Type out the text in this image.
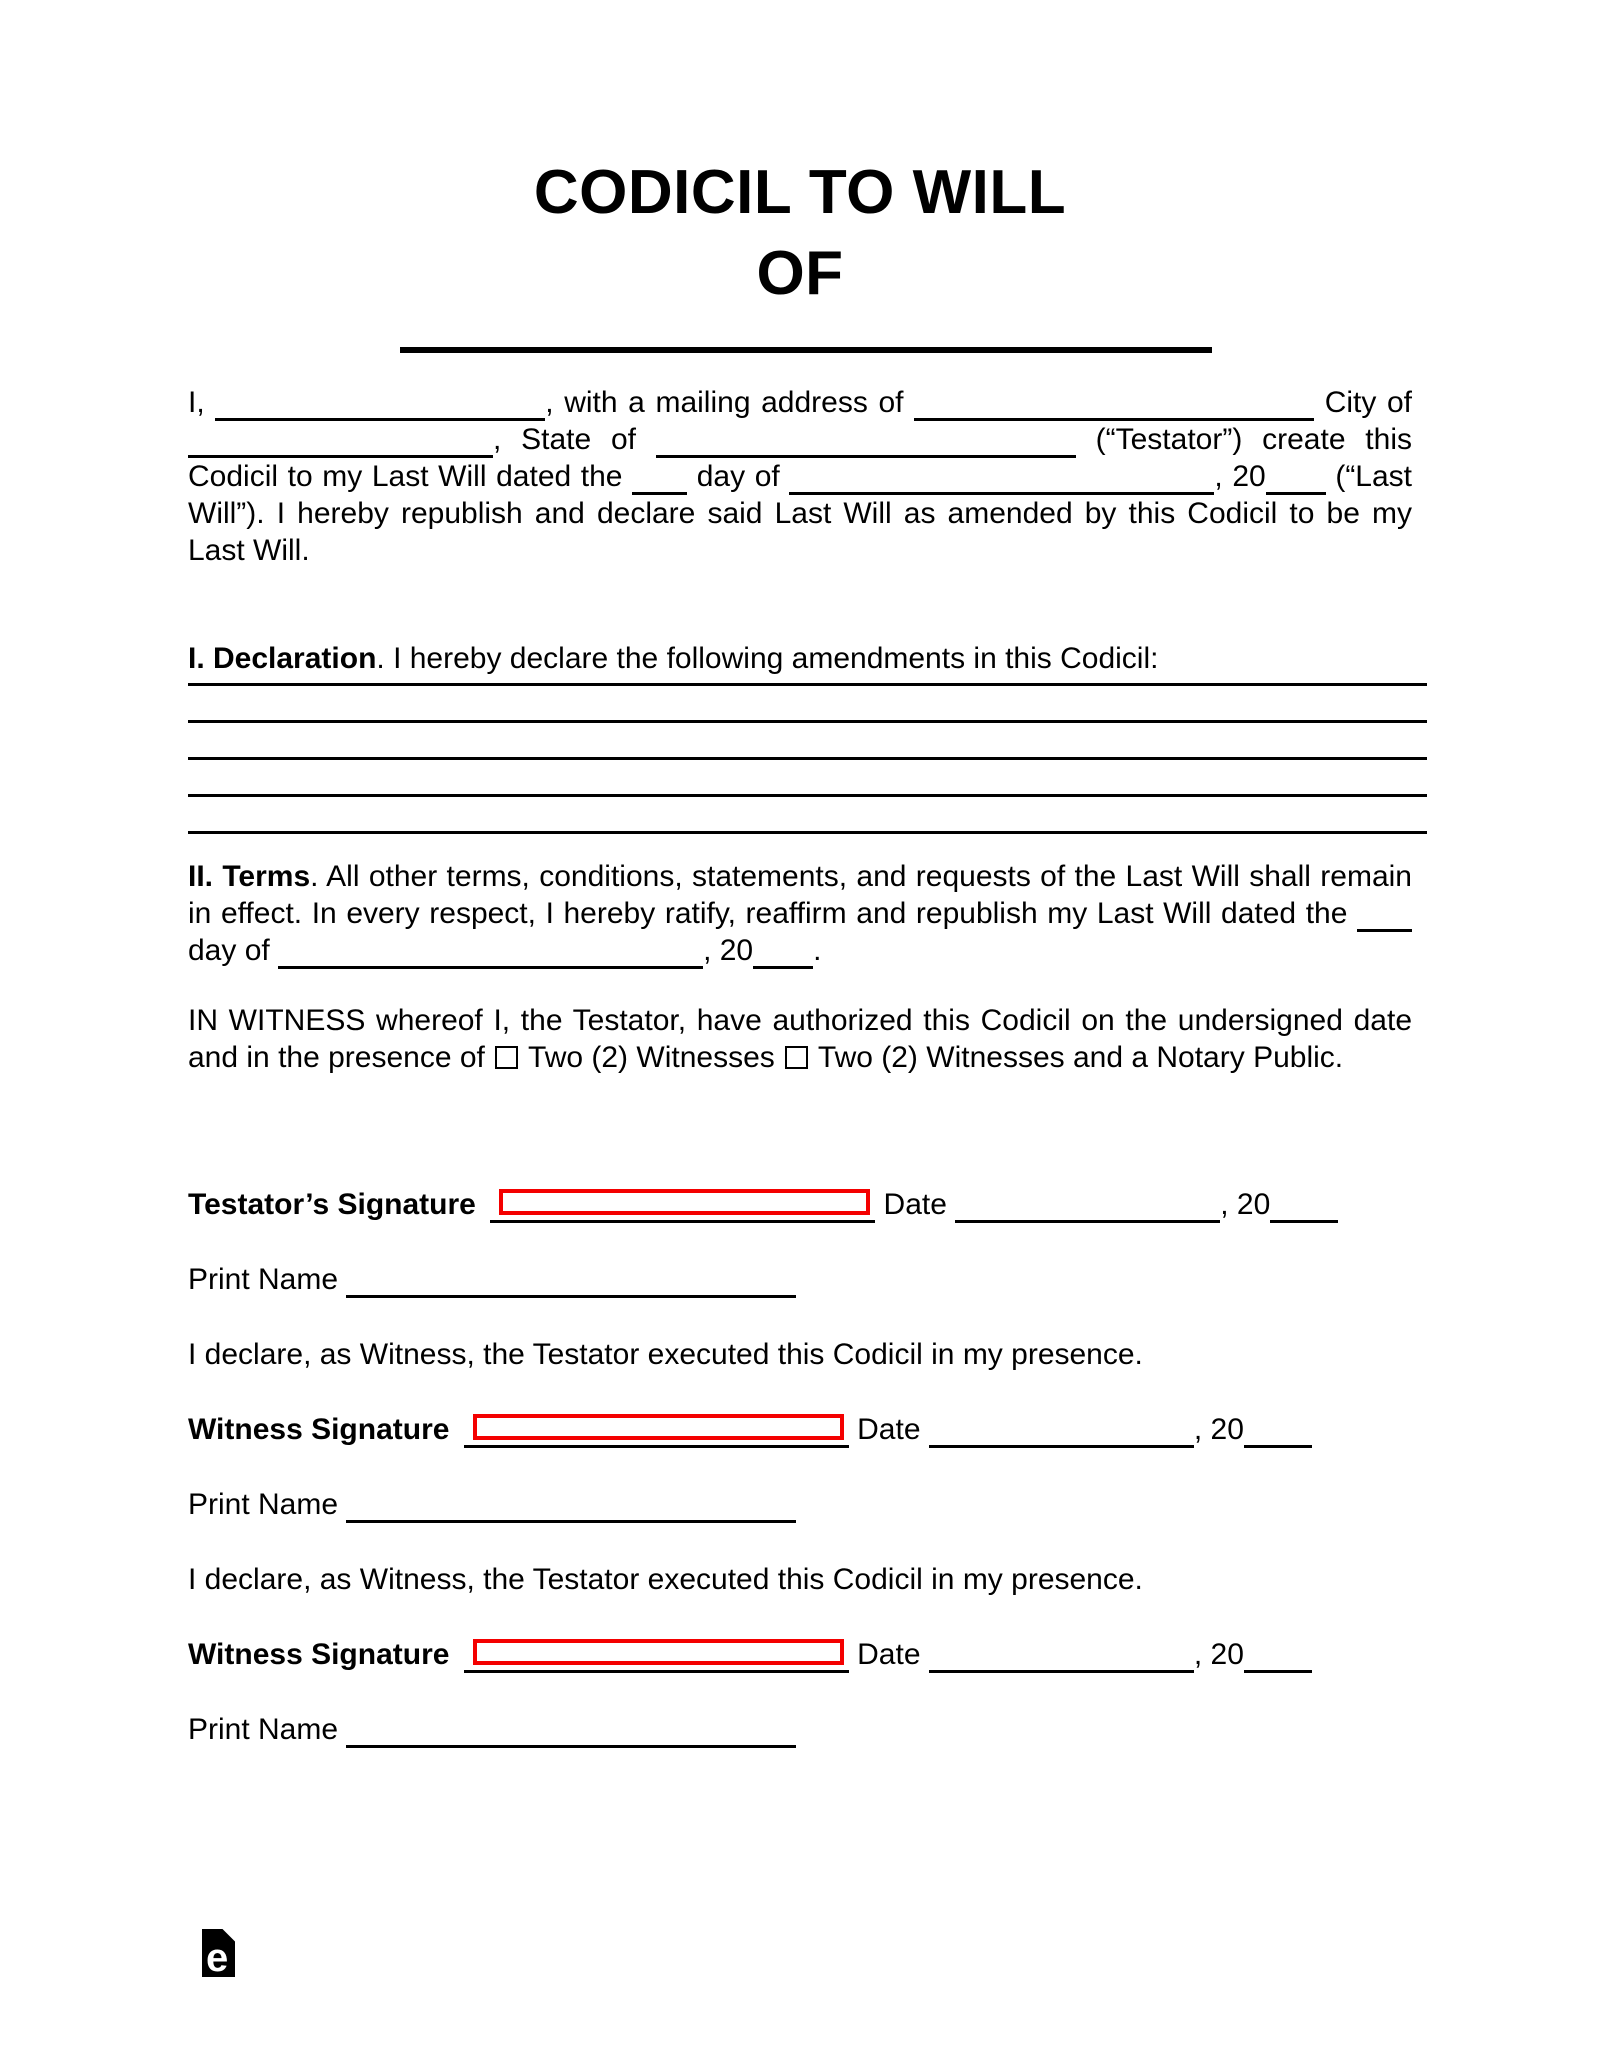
CODICIL TO WILL
OF
I,	, with a mailing address of	City of , State of	(“Testator”) create this Codicil to my Last Will dated the day of	, 20 (“Last Will”). I hereby republish and declare said Last Will as amended by this Codicil to be my Last Will.
I. Declaration. I hereby declare the following amendments in this Codicil:
II. Terms. All other terms, conditions, statements, and requests of the Last Will shall remain in effect. In every respect, I hereby ratify, reaffirm and republish my Last Will dated the  day of	, 20 .
IN WITNESS whereof I, the Testator, have authorized this Codicil on the undersigned date and in the presence of Two (2) Witnesses Two (2) Witnesses and a Notary Public.
Testator’s Signature	Date	, 20
Print Name
I declare, as Witness, the Testator executed this Codicil in my presence.
Witness Signature	Date	, 20
Print Name
I declare, as Witness, the Testator executed this Codicil in my presence.
Witness Signature	Date	, 20
Print Name
e
